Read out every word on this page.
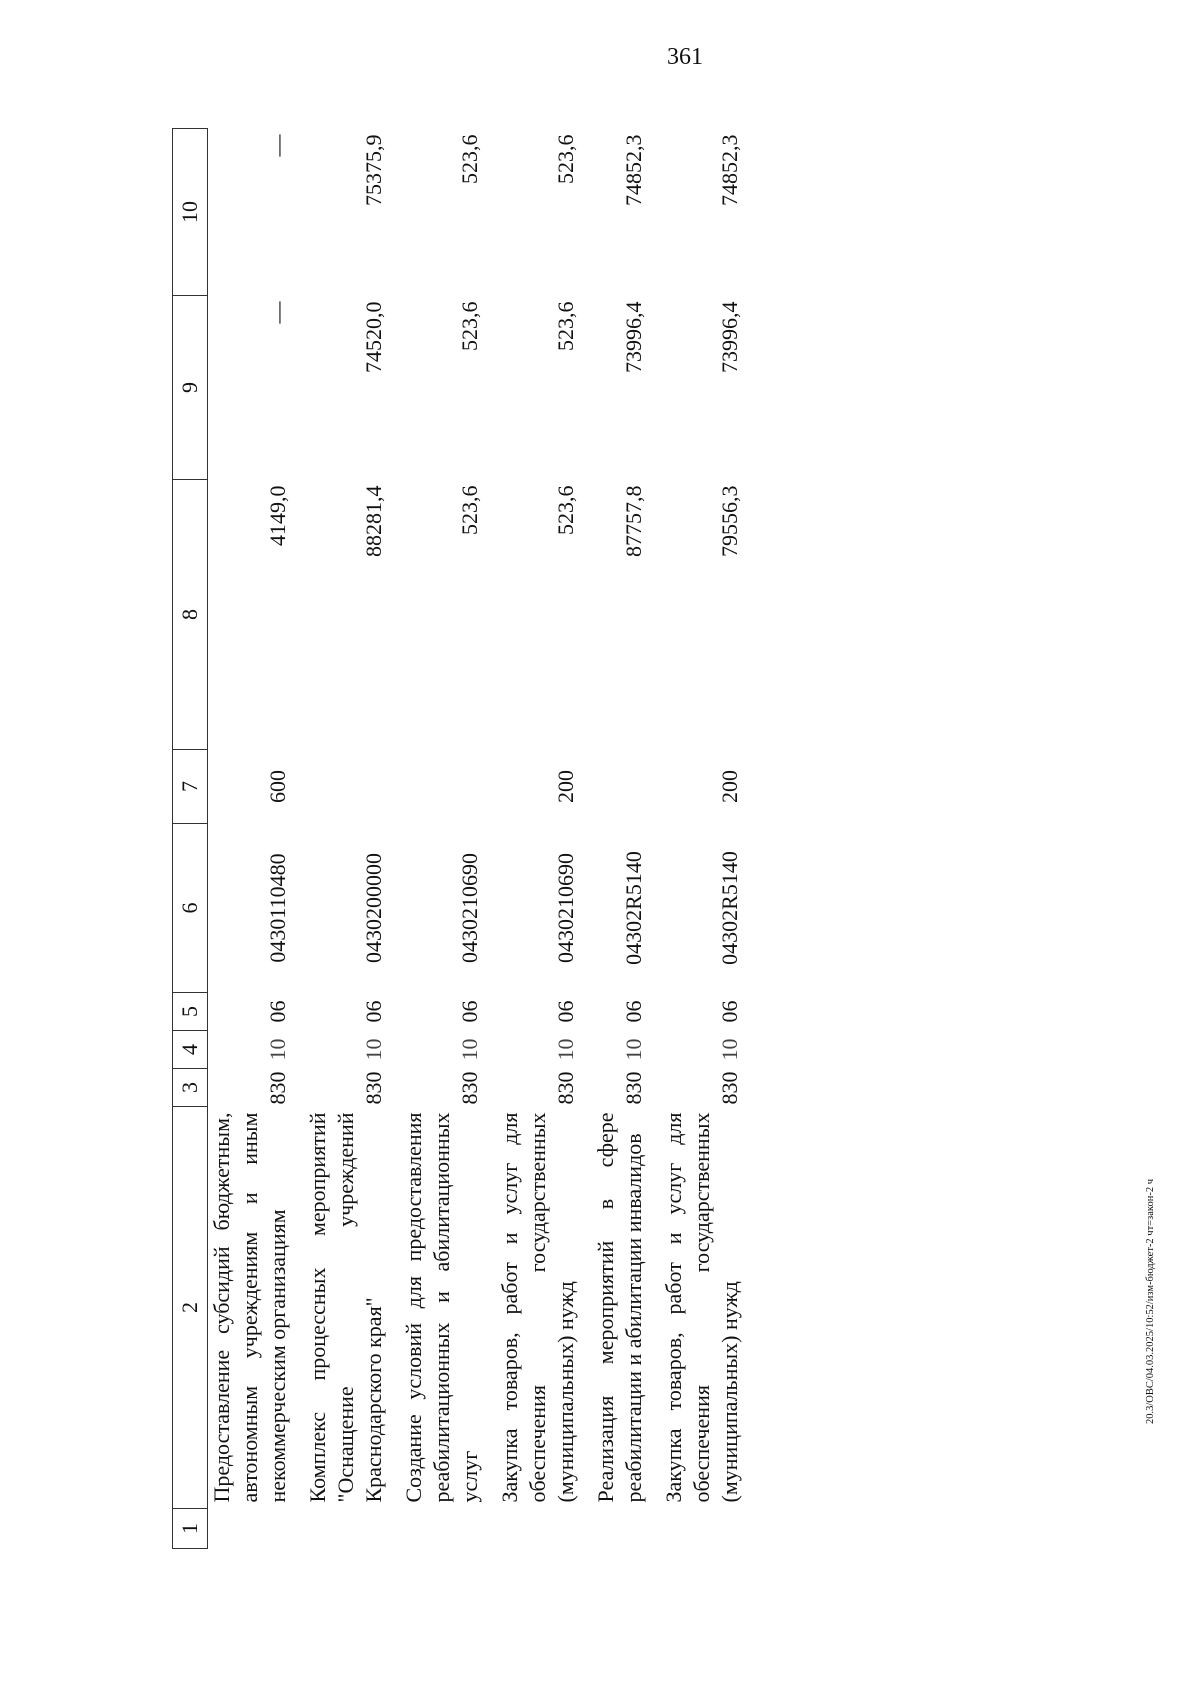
361
20.3/OBC/04.03.2025/10:52/изм-бюджет-2 чт=закон-2 ч
1	2	3	4	5	6	7	8	9	10
	Предоставление субсидий бюджетным, автономным учреждениям и иным некоммерческим организациям	830	10	06	0430110480	600	4149,0	—	—
	Комплекс процессных мероприятий "Оснащение учреждений Краснодарского края"	830	10	06	0430200000		88281,4	74520,0	75375,9
	Создание условий для предоставления реабилитационных и абилитационных услуг	830	10	06	0430210690		523,6	523,6	523,6
	Закупка товаров, работ и услуг для обеспечения государственных (муниципальных) нужд	830	10	06	0430210690	200	523,6	523,6	523,6
	Реализация мероприятий в сфере реабилитации и абилитации инвалидов	830	10	06	04302R5140		87757,8	73996,4	74852,3
	Закупка товаров, работ и услуг для обеспечения государственных (муниципальных) нужд	830	10	06	04302R5140	200	79556,3	73996,4	74852,3
